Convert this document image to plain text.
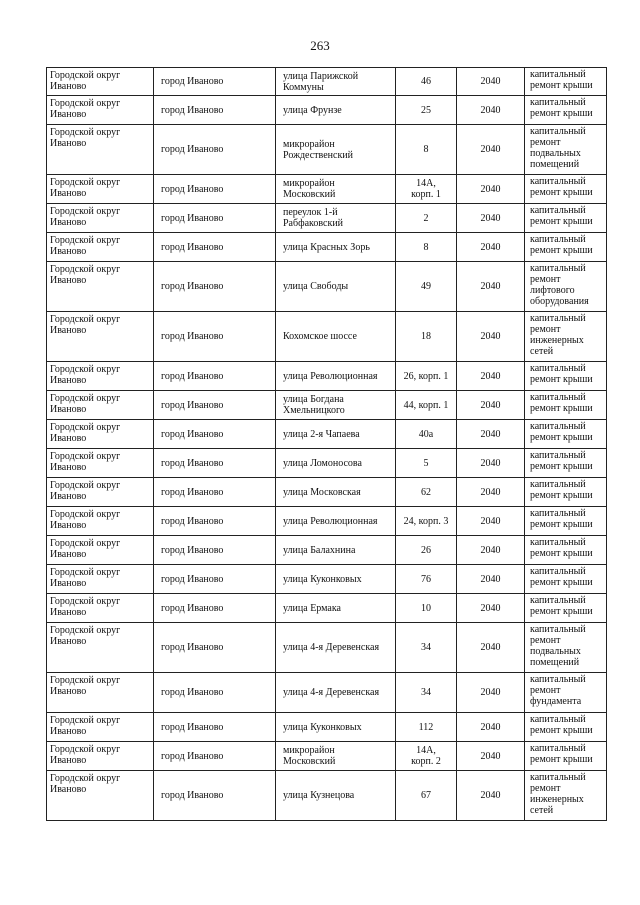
263
Городской округ
Иваново	город Иваново	улица Парижской
Коммуны	46	2040	капитальный
ремонт крыши
Городской округ
Иваново	город Иваново	улица Фрунзе	25	2040	капитальный
ремонт крыши
Городской округ
Иваново	город Иваново	микрорайон
Рождественский	8	2040	капитальный
ремонт
подвальных
помещений
Городской округ
Иваново	город Иваново	микрорайон
Московский	14А,
корп. 1	2040	капитальный
ремонт крыши
Городской округ
Иваново	город Иваново	переулок 1-й
Рабфаковский	2	2040	капитальный
ремонт крыши
Городской округ
Иваново	город Иваново	улица Красных Зорь	8	2040	капитальный
ремонт крыши
Городской округ
Иваново	город Иваново	улица Свободы	49	2040	капитальный
ремонт
лифтового
оборудования
Городской округ
Иваново	город Иваново	Кохомское шоссе	18	2040	капитальный
ремонт
инженерных
сетей
Городской округ
Иваново	город Иваново	улица Революционная	26, корп. 1	2040	капитальный
ремонт крыши
Городской округ
Иваново	город Иваново	улица Богдана
Хмельницкого	44, корп. 1	2040	капитальный
ремонт крыши
Городской округ
Иваново	город Иваново	улица 2-я Чапаева	40а	2040	капитальный
ремонт крыши
Городской округ
Иваново	город Иваново	улица Ломоносова	5	2040	капитальный
ремонт крыши
Городской округ
Иваново	город Иваново	улица Московская	62	2040	капитальный
ремонт крыши
Городской округ
Иваново	город Иваново	улица Революционная	24, корп. 3	2040	капитальный
ремонт крыши
Городской округ
Иваново	город Иваново	улица Балахнина	26	2040	капитальный
ремонт крыши
Городской округ
Иваново	город Иваново	улица Куконковых	76	2040	капитальный
ремонт крыши
Городской округ
Иваново	город Иваново	улица Ермака	10	2040	капитальный
ремонт крыши
Городской округ
Иваново	город Иваново	улица 4-я Деревенская	34	2040	капитальный
ремонт
подвальных
помещений
Городской округ
Иваново	город Иваново	улица 4-я Деревенская	34	2040	капитальный
ремонт
фундамента
Городской округ
Иваново	город Иваново	улица Куконковых	112	2040	капитальный
ремонт крыши
Городской округ
Иваново	город Иваново	микрорайон
Московский	14А,
корп. 2	2040	капитальный
ремонт крыши
Городской округ
Иваново	город Иваново	улица Кузнецова	67	2040	капитальный
ремонт
инженерных
сетей
